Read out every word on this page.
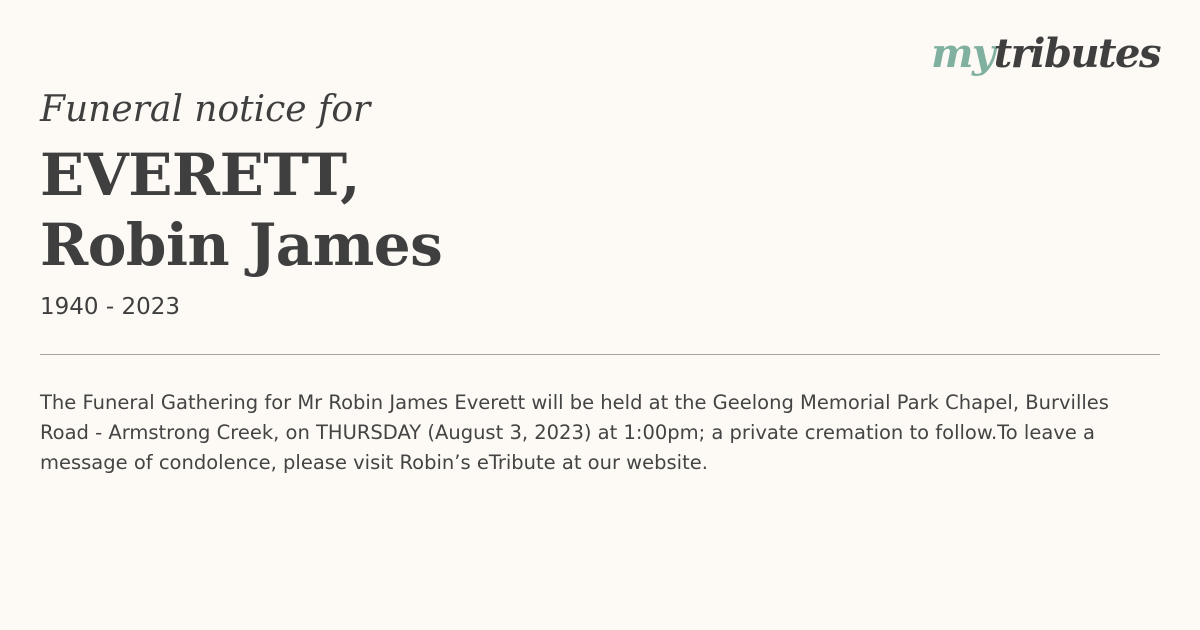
mytributes
Funeral notice for
EVERETT,
Robin James
1940 - 2023
The Funeral Gathering for Mr Robin James Everett will be held at the Geelong Memorial Park Chapel, Burvilles Road - Armstrong Creek, on THURSDAY (August 3, 2023) at 1:00pm; a private cremation to follow.To leave a message of condolence, please visit Robin’s eTribute at our website.
